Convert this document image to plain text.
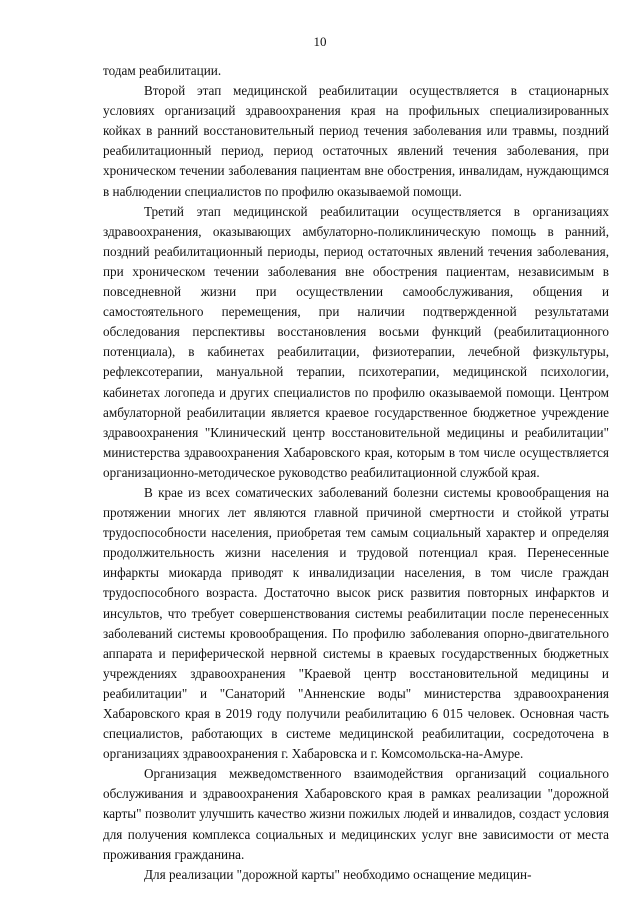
10

тодам реабилитации.

Второй этап медицинской реабилитации осуществляется в стационарных условиях организаций здравоохранения края на профильных специализированных койках в ранний восстановительный период течения заболевания или травмы, поздний реабилитационный период, период остаточных явлений течения заболевания, при хроническом течении заболевания пациентам вне обострения, инвалидам, нуждающимся в наблюдении специалистов по профилю оказываемой помощи.

Третий этап медицинской реабилитации осуществляется в организациях здравоохранения, оказывающих амбулаторно-поликлиническую помощь в ранний, поздний реабилитационный периоды, период остаточных явлений течения заболевания, при хроническом течении заболевания вне обострения пациентам, независимым в повседневной жизни при осуществлении самообслуживания, общения и самостоятельного перемещения, при наличии подтвержденной результатами обследования перспективы восстановления восьми функций (реабилитационного потенциала), в кабинетах реабилитации, физиотерапии, лечебной физкультуры, рефлексотерапии, мануальной терапии, психотерапии, медицинской психологии, кабинетах логопеда и других специалистов по профилю оказываемой помощи. Центром амбулаторной реабилитации является краевое государственное бюджетное учреждение здравоохранения "Клинический центр восстановительной медицины и реабилитации" министерства здравоохранения Хабаровского края, которым в том числе осуществляется организационно-методическое руководство реабилитационной службой края.

В крае из всех соматических заболеваний болезни системы кровообращения на протяжении многих лет являются главной причиной смертности и стойкой утраты трудоспособности населения, приобретая тем самым социальный характер и определяя продолжительность жизни населения и трудовой потенциал края. Перенесенные инфаркты миокарда приводят к инвалидизации населения, в том числе граждан трудоспособного возраста. Достаточно высок риск развития повторных инфарктов и инсультов, что требует совершенствования системы реабилитации после перенесенных заболеваний системы кровообращения. По профилю заболевания опорно-двигательного аппарата и периферической нервной системы в краевых государственных бюджетных учреждениях здравоохранения "Краевой центр восстановительной медицины и реабилитации" и "Санаторий "Анненские воды" министерства здравоохранения Хабаровского края в 2019 году получили реабилитацию 6 015 человек. Основная часть специалистов, работающих в системе медицинской реабилитации, сосредоточена в организациях здравоохранения г. Хабаровска и г. Комсомольска-на-Амуре.

Организация межведомственного взаимодействия организаций социального обслуживания и здравоохранения Хабаровского края в рамках реализации "дорожной карты" позволит улучшить качество жизни пожилых людей и инвалидов, создаст условия для получения комплекса социальных и медицинских услуг вне зависимости от места проживания гражданина.

Для реализации "дорожной карты" необходимо оснащение медицин-
